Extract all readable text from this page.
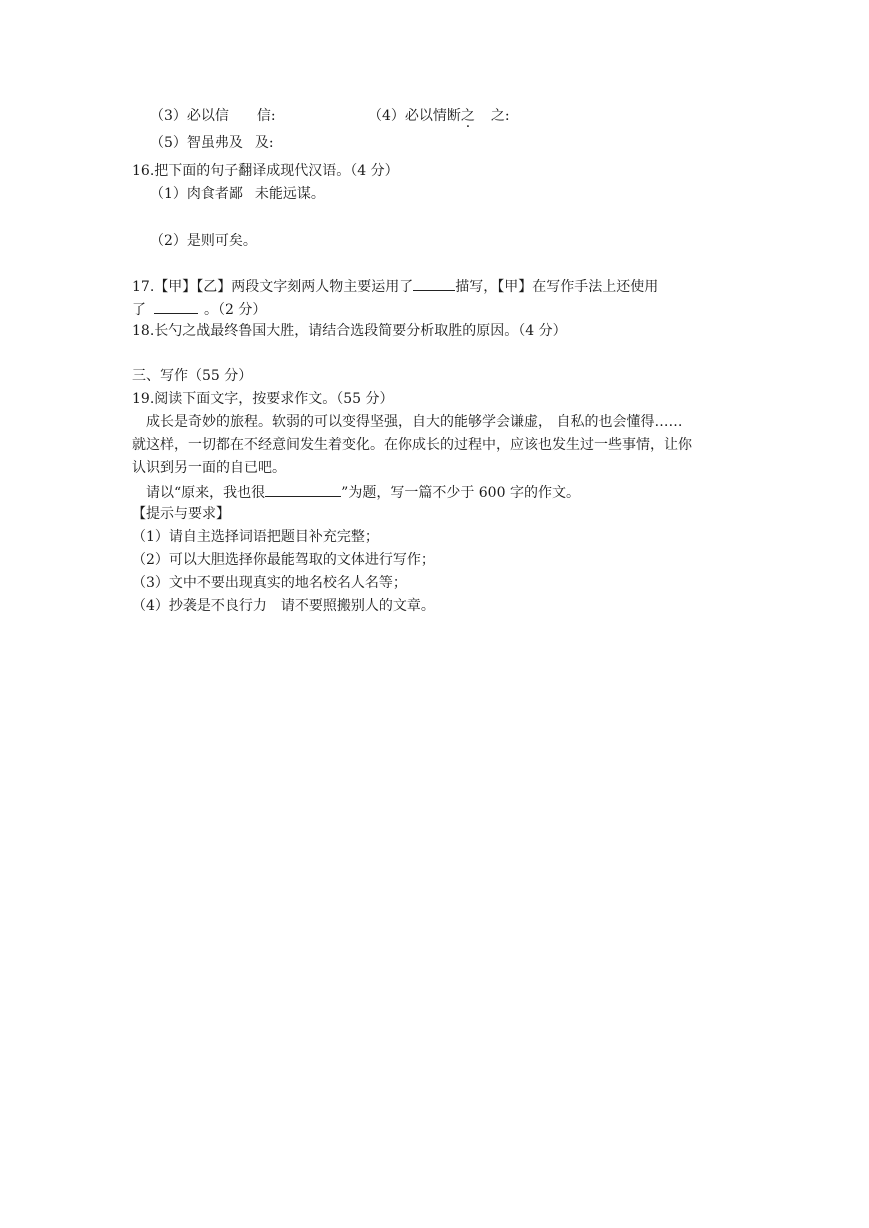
（3）必以信 信:	（4）必以情断之 之:
（5）智虽弗及 及:
16.把下面的句子翻译成现代汉语。（4 分）
（1）肉食者鄙 未能远谋。
（2）是则可矣。
17.【甲】【乙】两段文字刻两人物主要运用了	描写，【甲】在写作手法上还使用
了	。（2 分）
18.长勺之战最终鲁国大胜，请结合选段简要分析取胜的原因。（4 分）
三、写作（55 分）
19.阅读下面文字，按要求作文。（55 分）
成长是奇妙的旅程。软弱的可以变得坚强，自大的能够学会谦虚， 自私的也会懂得……
就这样，一切都在不经意间发生着变化。在你成长的过程中，应该也发生过一些事情，让你
认识到另一面的自已吧。
请以“原来，我也很	”为题，写一篇不少于 600 字的作文。
【提示与要求】
（1）请自主选择词语把题目补充完整；
（2）可以大胆选择你最能驾取的文体进行写作；
（3）文中不要出现真实的地名校名人名等；
（4）抄袭是不良行力 请不要照搬别人的文章。
